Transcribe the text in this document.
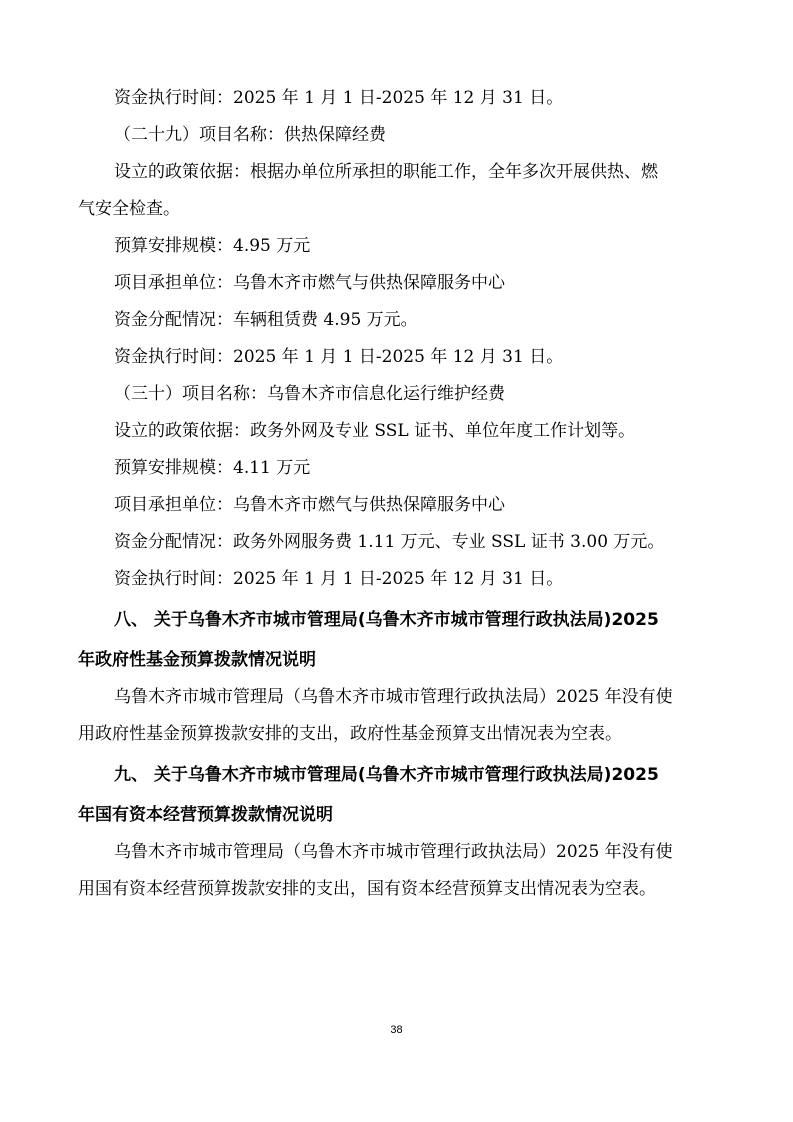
资金执行时间：2025 年 1 月 1 日-2025 年 12 月 31 日。
（二十九）项目名称：供热保障经费
设立的政策依据：根据办单位所承担的职能工作，全年多次开展供热、燃
气安全检查。
预算安排规模：4.95 万元
项目承担单位：乌鲁木齐市燃气与供热保障服务中心
资金分配情况：车辆租赁费 4.95 万元。
资金执行时间：2025 年 1 月 1 日-2025 年 12 月 31 日。
（三十）项目名称：乌鲁木齐市信息化运行维护经费
设立的政策依据：政务外网及专业 SSL 证书、单位年度工作计划等。
预算安排规模：4.11 万元
项目承担单位：乌鲁木齐市燃气与供热保障服务中心
资金分配情况：政务外网服务费 1.11 万元、专业 SSL 证书 3.00 万元。
资金执行时间：2025 年 1 月 1 日-2025 年 12 月 31 日。
八、 关于乌鲁木齐市城市管理局(乌鲁木齐市城市管理行政执法局)2025
年政府性基金预算拨款情况说明
乌鲁木齐市城市管理局（乌鲁木齐市城市管理行政执法局）2025 年没有使
用政府性基金预算拨款安排的支出，政府性基金预算支出情况表为空表。
九、 关于乌鲁木齐市城市管理局(乌鲁木齐市城市管理行政执法局)2025
年国有资本经营预算拨款情况说明
乌鲁木齐市城市管理局（乌鲁木齐市城市管理行政执法局）2025 年没有使
用国有资本经营预算拨款安排的支出，国有资本经营预算支出情况表为空表。
38
